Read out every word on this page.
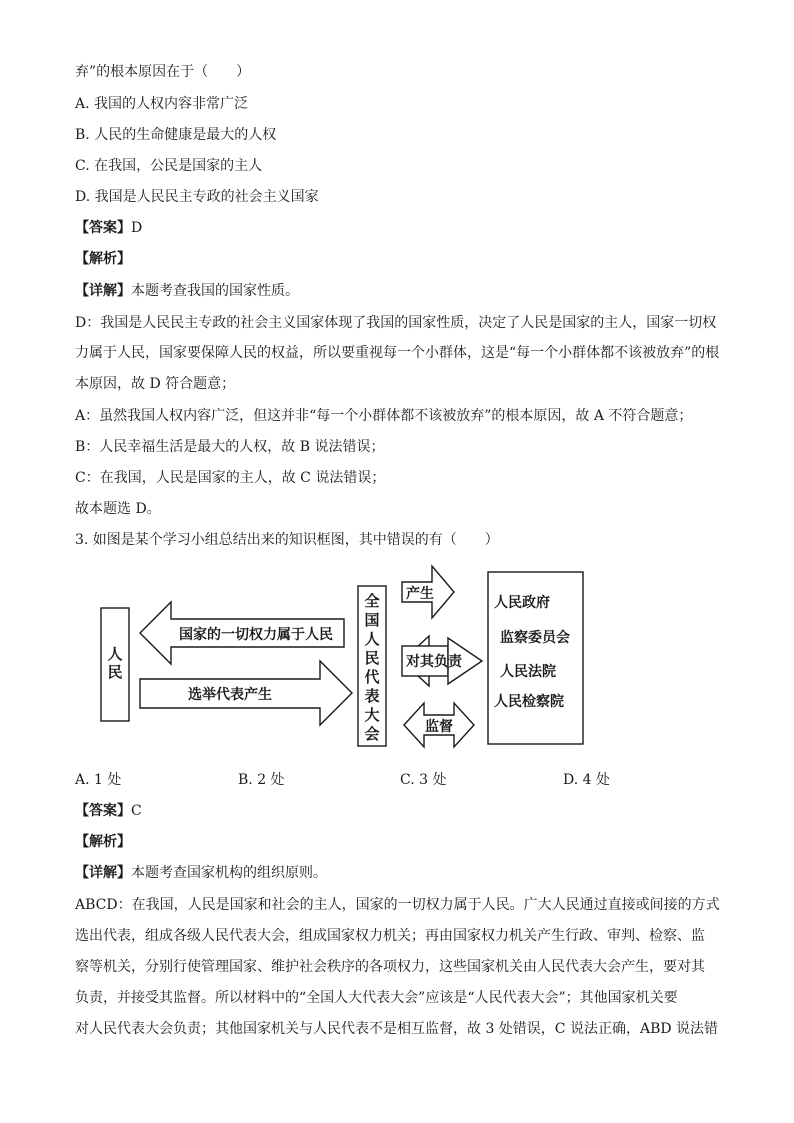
弃”的根本原因在于（　　）
A. 我国的人权内容非常广泛
B. 人民的生命健康是最大的人权
C. 在我国，公民是国家的主人
D. 我国是人民民主专政的社会主义国家
【答案】D
【解析】
【详解】本题考查我国的国家性质。
D：我国是人民民主专政的社会主义国家体现了我国的国家性质，决定了人民是国家的主人，国家一切权
力属于人民，国家要保障人民的权益，所以要重视每一个小群体，这是“每一个小群体都不该被放弃”的根
本原因，故 D 符合题意；
A：虽然我国人权内容广泛，但这并非“每一个小群体都不该被放弃”的根本原因，故 A 不符合题意；
B：人民幸福生活是最大的人权，故 B 说法错误；
C：在我国，人民是国家的主人，故 C 说法错误；
故本题选 D。
3. 如图是某个学习小组总结出来的知识框图，其中错误的有（　　）
人
民
国家的一切权力属于人民
选举代表产生
全
国
人
民
代
表
大
会
产生
对其负责
监督
人民政府
监察委员会
人民法院
人民检察院
A. 1 处	B. 2 处	C. 3 处	D. 4 处
【答案】C
【解析】
【详解】本题考查国家机构的组织原则。
ABCD：在我国，人民是国家和社会的主人，国家的一切权力属于人民。广大人民通过直接或间接的方式
选出代表，组成各级人民代表大会，组成国家权力机关；再由国家权力机关产生行政、审判、检察、监
察等机关，分别行使管理国家、维护社会秩序的各项权力，这些国家机关由人民代表大会产生，要对其
负责，并接受其监督。所以材料中的“全国人大代表大会”应该是“人民代表大会”；其他国家机关要
对人民代表大会负责；其他国家机关与人民代表不是相互监督，故 3 处错误，C 说法正确，ABD 说法错
